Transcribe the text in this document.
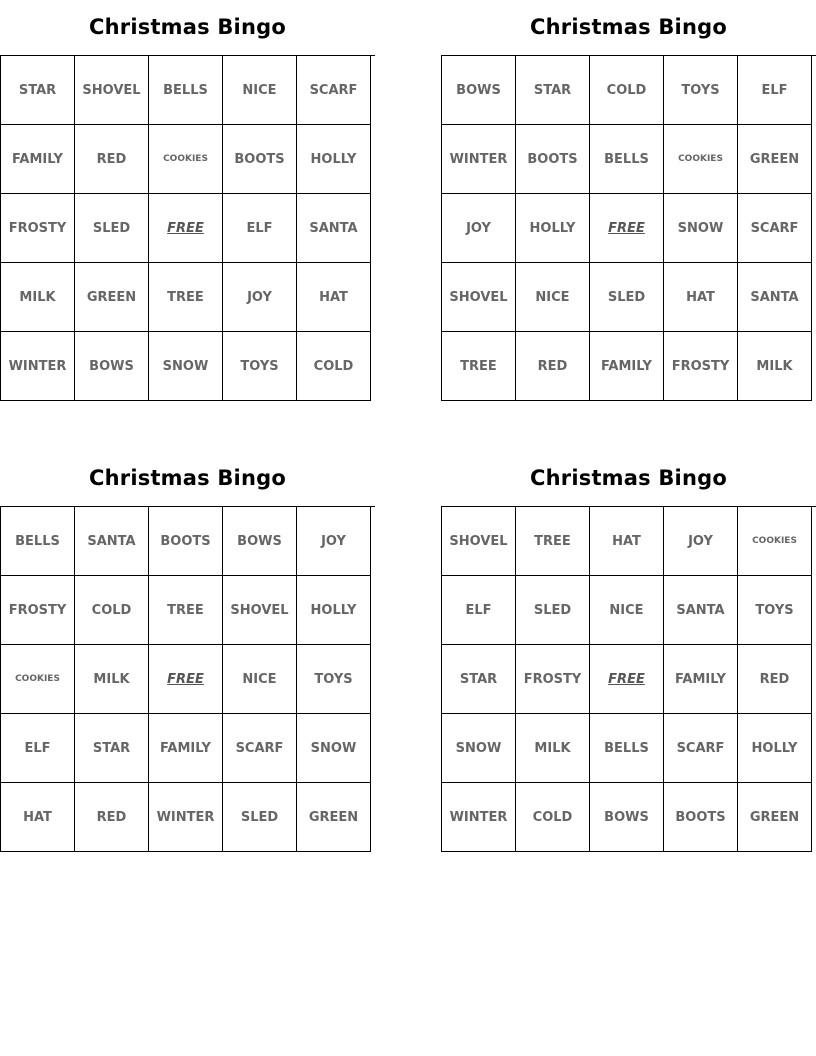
Christmas Bingo
STAR	SHOVEL	BELLS	NICE	SCARF
FAMILY	RED	COOKIES	BOOTS	HOLLY
FROSTY	SLED	FREE	ELF	SANTA
MILK	GREEN	TREE	JOY	HAT
WINTER	BOWS	SNOW	TOYS	COLD
Christmas Bingo
BOWS	STAR	COLD	TOYS	ELF
WINTER	BOOTS	BELLS	COOKIES	GREEN
JOY	HOLLY	FREE	SNOW	SCARF
SHOVEL	NICE	SLED	HAT	SANTA
TREE	RED	FAMILY	FROSTY	MILK
Christmas Bingo
BELLS	SANTA	BOOTS	BOWS	JOY
FROSTY	COLD	TREE	SHOVEL	HOLLY
COOKIES	MILK	FREE	NICE	TOYS
ELF	STAR	FAMILY	SCARF	SNOW
HAT	RED	WINTER	SLED	GREEN
Christmas Bingo
SHOVEL	TREE	HAT	JOY	COOKIES
ELF	SLED	NICE	SANTA	TOYS
STAR	FROSTY	FREE	FAMILY	RED
SNOW	MILK	BELLS	SCARF	HOLLY
WINTER	COLD	BOWS	BOOTS	GREEN
